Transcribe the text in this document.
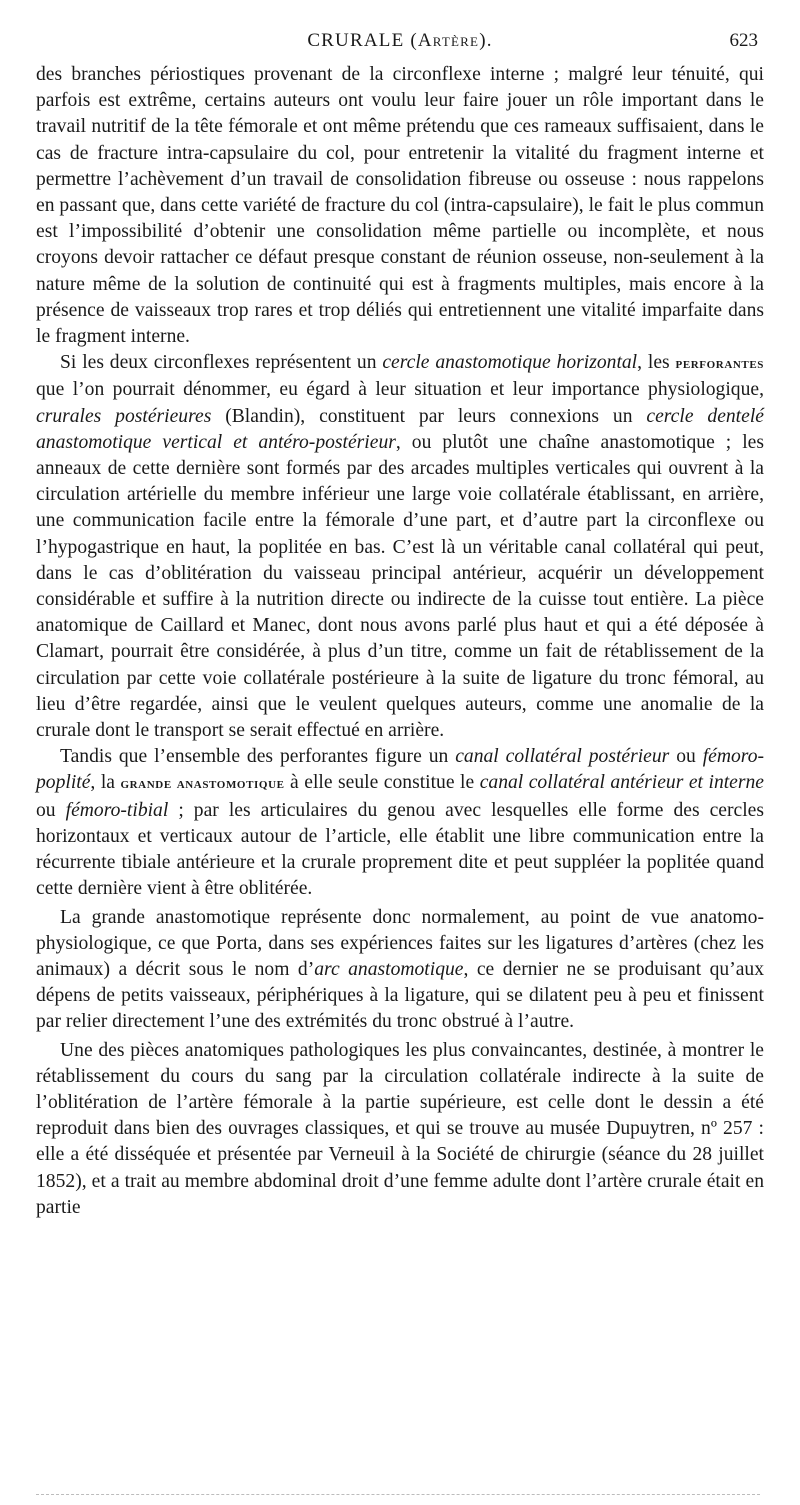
CRURALE (Artère).	623

des branches périostiques provenant de la circonflexe interne ; malgré leur ténuité, qui parfois est extrême, certains auteurs ont voulu leur faire jouer un rôle important dans le travail nutritif de la tête fémorale et ont même prétendu que ces rameaux suffisaient, dans le cas de fracture intra-capsulaire du col, pour entretenir la vitalité du fragment interne et permettre l’achèvement d’un travail de consolidation fibreuse ou osseuse : nous rappelons en passant que, dans cette variété de fracture du col (intra-capsulaire), le fait le plus commun est l’impossibilité d’obtenir une consolidation même partielle ou incomplète, et nous croyons devoir rattacher ce défaut presque constant de réunion osseuse, non-seulement à la nature même de la solution de continuité qui est à fragments multiples, mais encore à la présence de vaisseaux trop rares et trop déliés qui entretiennent une vitalité imparfaite dans le fragment interne.

Si les deux circonflexes représentent un cercle anastomotique horizontal, les perforantes que l’on pourrait dénommer, eu égard à leur situation et leur importance physiologique, crurales postérieures (Blandin), constituent par leurs connexions un cercle dentelé anastomotique vertical et antéro-postérieur, ou plutôt une chaîne anastomotique ; les anneaux de cette dernière sont formés par des arcades multiples verticales qui ouvrent à la circulation artérielle du membre inférieur une large voie collatérale établissant, en arrière, une communication facile entre la fémorale d’une part, et d’autre part la circonflexe ou l’hypogastrique en haut, la poplitée en bas. C’est là un véritable canal collatéral qui peut, dans le cas d’oblitération du vaisseau principal antérieur, acquérir un développement considérable et suffire à la nutrition directe ou indirecte de la cuisse tout entière. La pièce anatomique de Caillard et Manec, dont nous avons parlé plus haut et qui a été déposée à Clamart, pourrait être considérée, à plus d’un titre, comme un fait de rétablissement de la circulation par cette voie collatérale postérieure à la suite de ligature du tronc fémoral, au lieu d’être regardée, ainsi que le veulent quelques auteurs, comme une anomalie de la crurale dont le transport se serait effectué en arrière.

Tandis que l’ensemble des perforantes figure un canal collatéral postérieur ou fémoro-poplité, la grande anastomotique à elle seule constitue le canal collatéral antérieur et interne ou fémoro-tibial ; par les articulaires du genou avec lesquelles elle forme des cercles horizontaux et verticaux autour de l’article, elle établit une libre communication entre la récurrente tibiale antérieure et la crurale proprement dite et peut suppléer la poplitée quand cette dernière vient à être oblitérée.

La grande anastomotique représente donc normalement, au point de vue anatomo-physiologique, ce que Porta, dans ses expériences faites sur les ligatures d’artères (chez les animaux) a décrit sous le nom d’arc anastomotique, ce dernier ne se produisant qu’aux dépens de petits vaisseaux, périphériques à la ligature, qui se dilatent peu à peu et finissent par relier directement l’une des extrémités du tronc obstrué à l’autre.

Une des pièces anatomiques pathologiques les plus convaincantes, destinée, à montrer le rétablissement du cours du sang par la circulation collatérale indirecte à la suite de l’oblitération de l’artère fémorale à la partie supérieure, est celle dont le dessin a été reproduit dans bien des ouvrages classiques, et qui se trouve au musée Dupuytren, nº 257 : elle a été disséquée et présentée par Verneuil à la Société de chirurgie (séance du 28 juillet 1852), et a trait au membre abdominal droit d’une femme adulte dont l’artère crurale était en partie
